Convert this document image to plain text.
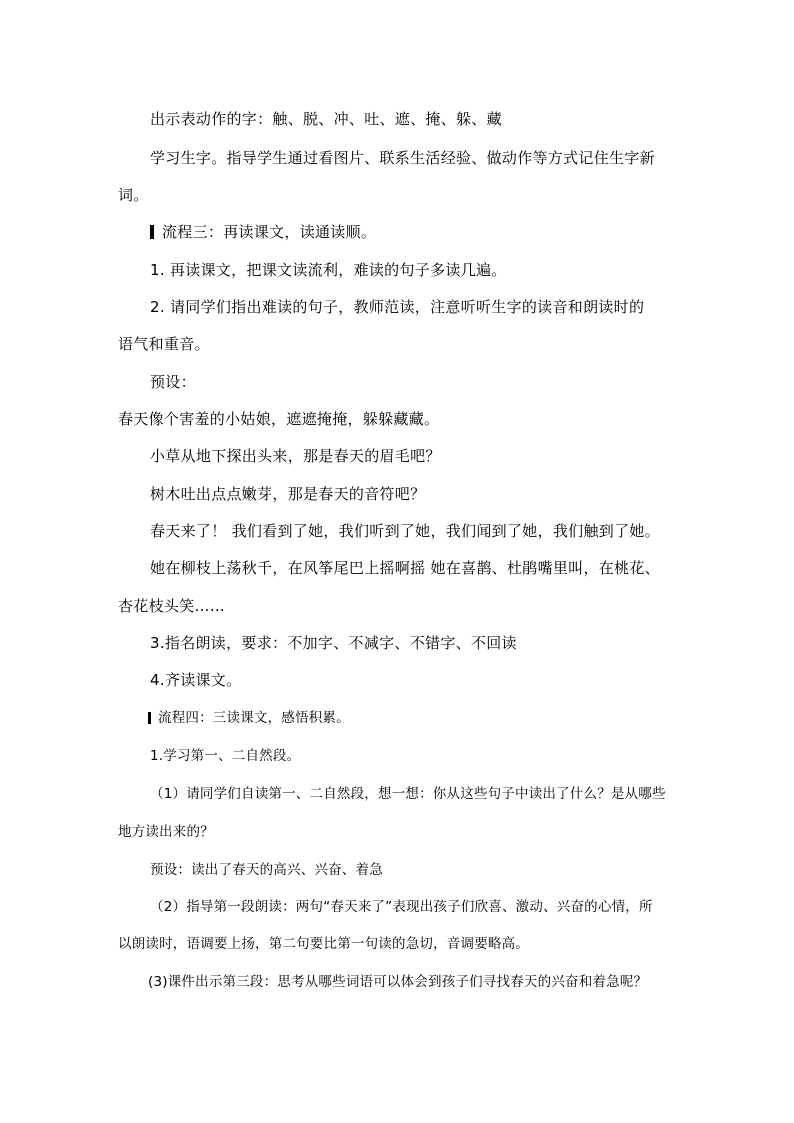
出示表动作的字：触、脱、冲、吐、遮、掩、躲、藏
学习生字。指导学生通过看图片、联系生活经验、做动作等方式记住生字新
词。
流程三：再读课文，读通读顺。
1. 再读课文，把课文读流利，难读的句子多读几遍。
2. 请同学们指出难读的句子，教师范读，注意听听生字的读音和朗读时的
语气和重音。
预设：
春天像个害羞的小姑娘，遮遮掩掩，躲躲藏藏。
小草从地下探出头来，那是春天的眉毛吧？
树木吐出点点嫩芽，那是春天的音符吧？
春天来了！ 我们看到了她，我们听到了她，我们闻到了她，我们触到了她。
她在柳枝上荡秋千，在风筝尾巴上摇啊摇 她在喜鹊、杜鹃嘴里叫，在桃花、
杏花枝头笑……
3.指名朗读，要求：不加字、不减字、不错字、不回读
4.齐读课文。
流程四：三读课文，感悟积累。
1.学习第一、二自然段。
（1）请同学们自读第一、二自然段，想一想：你从这些句子中读出了什么？是从哪些
地方读出来的？
预设：读出了春天的高兴、兴奋、着急
（2）指导第一段朗读：两句“春天来了”表现出孩子们欣喜、激动、兴奋的心情，所
以朗读时，语调要上扬，第二句要比第一句读的急切，音调要略高。
(3)课件出示第三段：思考从哪些词语可以体会到孩子们寻找春天的兴奋和着急呢？
